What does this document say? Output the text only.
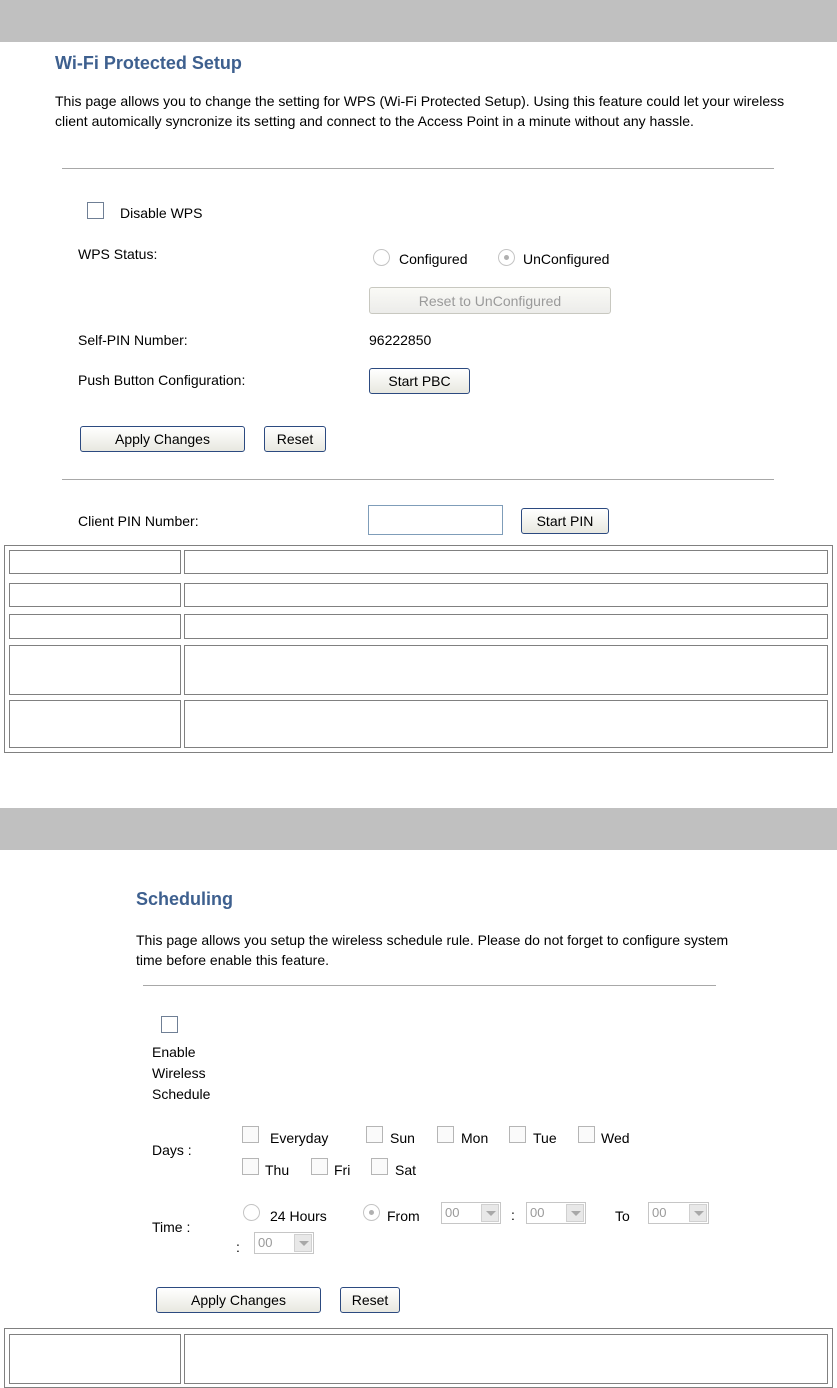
Wi-Fi Protected Setup
This page allows you to change the setting for WPS (Wi-Fi Protected Setup). Using this feature could let your wireless client automically syncronize its setting and connect to the Access Point in a minute without any hassle.
Disable WPS
WPS Status:	Configured	UnConfigured
Reset to UnConfigured
Self-PIN Number:	96222850
Push Button Configuration:	Start PBC
Apply Changes	Reset
Client PIN Number:	Start PIN
Scheduling
This page allows you setup the wireless schedule rule. Please do not forget to configure system time before enable this feature.
Enable
Wireless
Schedule
Days :
Everyday	Sun	Mon	Tue	Wed
Thu	Fri	Sat
Time :
24 Hours	From	00	:	00	To	00
:	00
Apply Changes	Reset
